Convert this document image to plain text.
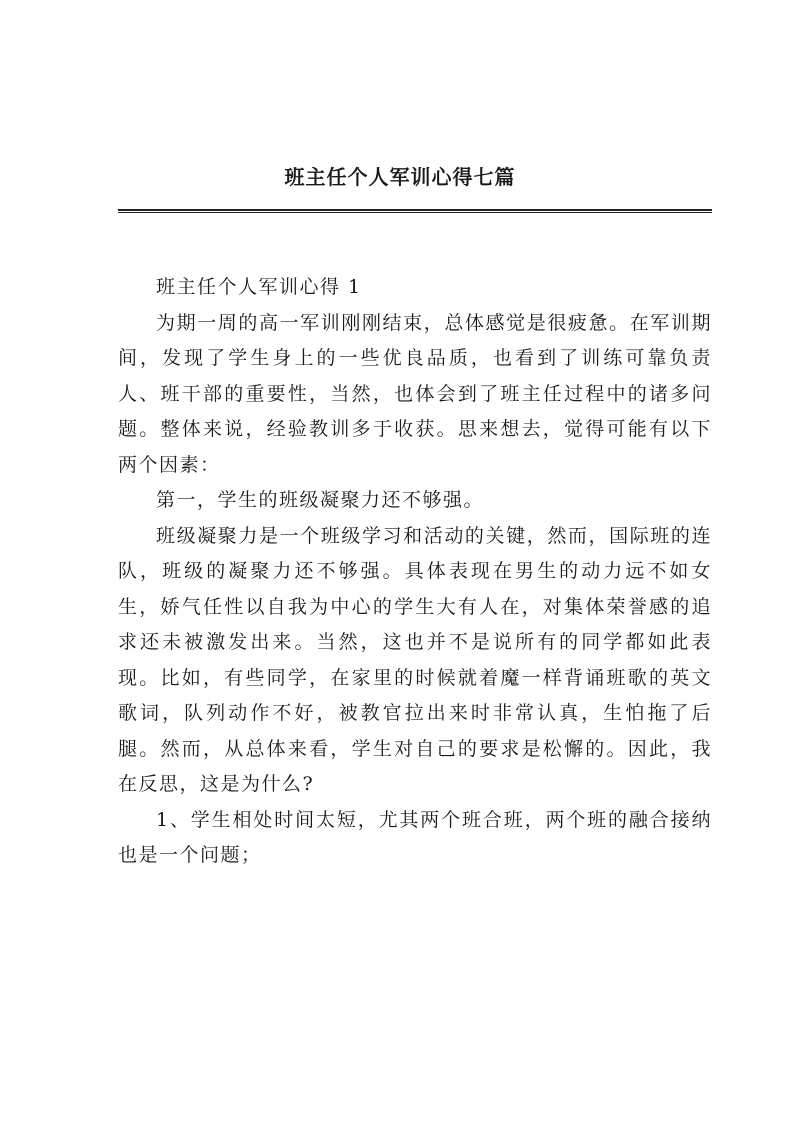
班主任个人军训心得七篇

班主任个人军训心得 1

为期一周的高一军训刚刚结束，总体感觉是很疲惫。在军训期间，发现了学生身上的一些优良品质，也看到了训练可靠负责人、班干部的重要性，当然，也体会到了班主任过程中的诸多问题。整体来说，经验教训多于收获。思来想去，觉得可能有以下两个因素：

第一，学生的班级凝聚力还不够强。

班级凝聚力是一个班级学习和活动的关键，然而，国际班的连队，班级的凝聚力还不够强。具体表现在男生的动力远不如女生，娇气任性以自我为中心的学生大有人在，对集体荣誉感的追求还未被激发出来。当然，这也并不是说所有的同学都如此表现。比如，有些同学，在家里的时候就着魔一样背诵班歌的英文歌词，队列动作不好，被教官拉出来时非常认真，生怕拖了后腿。然而，从总体来看，学生对自己的要求是松懈的。因此，我在反思，这是为什么?

1、学生相处时间太短，尤其两个班合班，两个班的融合接纳也是一个问题；
